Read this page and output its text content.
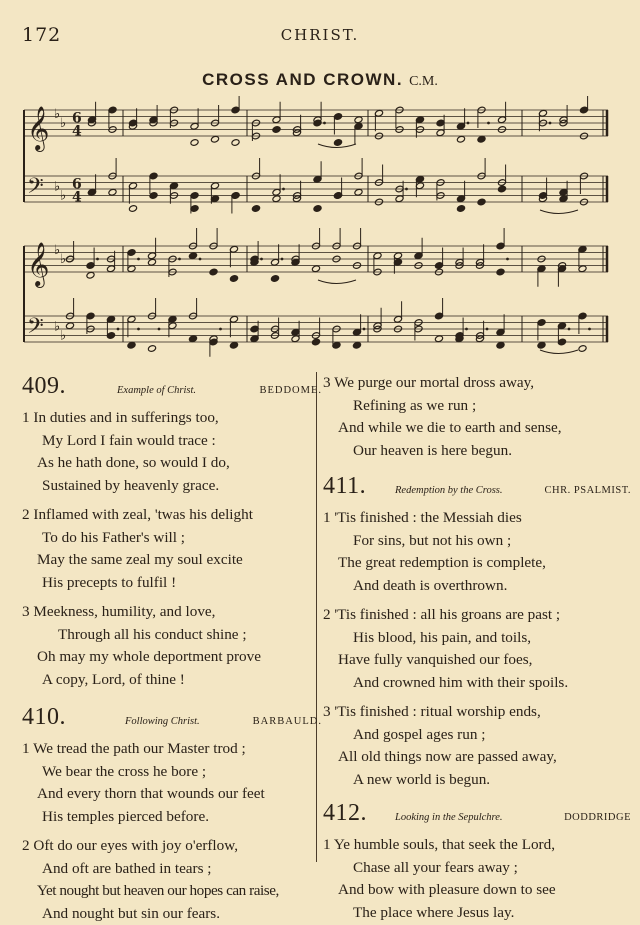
172	CHRIST.
CROSS AND CROWN. C.M.
𝄞 ♭
♭ 6
4
𝄢 ♭
♭
6
4
𝄞 ♭
♭
𝄢 ♭
♭
409.	Example of Christ.	BEDDOME.
1 In duties and in sufferings too,
My Lord I fain would trace :
As he hath done, so would I do,
Sustained by heavenly grace.
2 Inflamed with zeal, 'twas his delight
To do his Father's will ;
May the same zeal my soul excite
His precepts to fulfil !
3 Meekness, humility, and love,
Through all his conduct shine ;
Oh may my whole deportment prove
A copy, Lord, of thine !
410.	Following Christ.	BARBAULD.
1 We tread the path our Master trod ;
We bear the cross he bore ;
And every thorn that wounds our feet
His temples pierced before.
2 Oft do our eyes with joy o'erflow,
And oft are bathed in tears ;
Yet nought but heaven our hopes can raise,
And nought but sin our fears.
3 We purge our mortal dross away,
Refining as we run ;
And while we die to earth and sense,
Our heaven is here begun.
411.	Redemption by the Cross.	CHR. PSALMIST.
1 'Tis finished : the Messiah dies
For sins, but not his own ;
The great redemption is complete,
And death is overthrown.
2 'Tis finished : all his groans are past ;
His blood, his pain, and toils,
Have fully vanquished our foes,
And crowned him with their spoils.
3 'Tis finished : ritual worship ends,
And gospel ages run ;
All old things now are passed away,
A new world is begun.
412.	Looking in the Sepulchre.	DODDRIDGE
1 Ye humble souls, that seek the Lord,
Chase all your fears away ;
And bow with pleasure down to see
The place where Jesus lay.
